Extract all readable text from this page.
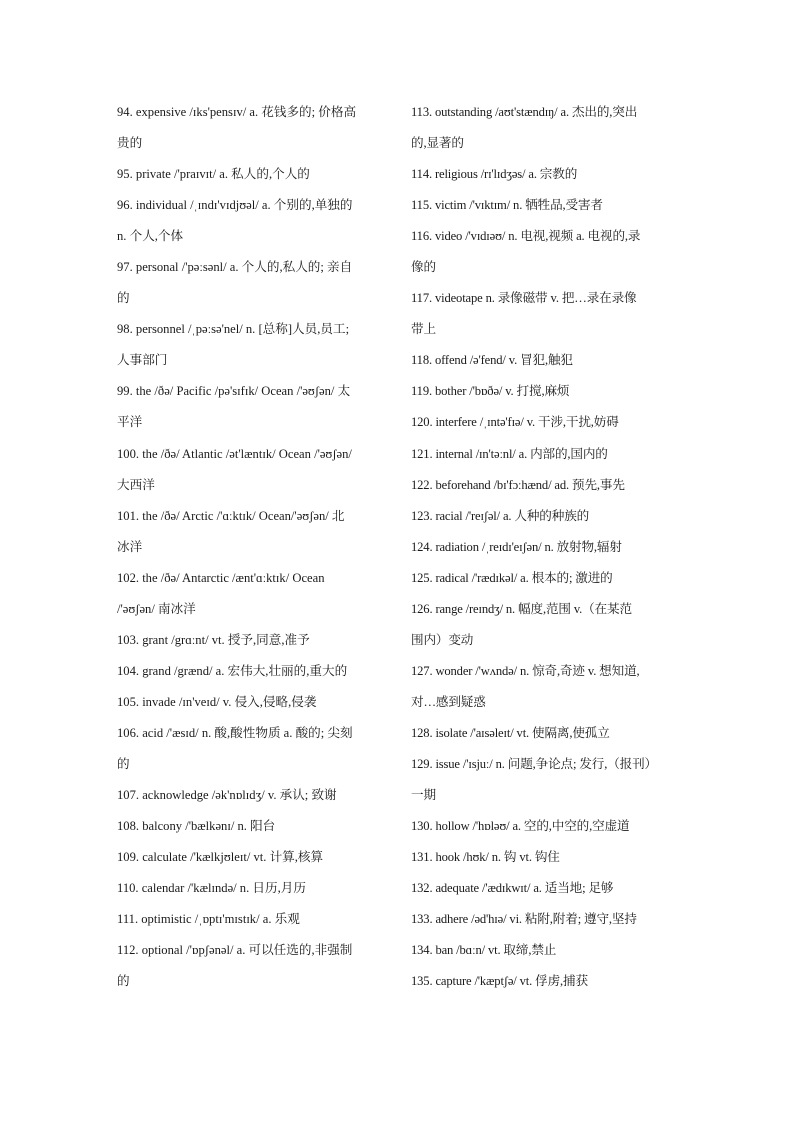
94. expensive /ɪks'pensɪv/ a. 花钱多的; 价格高
贵的
95. private /'praɪvɪt/ a. 私人的,个人的
96. individual /ˌɪndɪ'vɪdjʊəl/ a. 个别的,单独的
n. 个人,个体
97. personal /'pəːsənl/ a. 个人的,私人的; 亲自
的
98. personnel /ˌpəːsə'nel/ n. [总称]人员,员工;
人事部门
99. the /ðə/ Pacific /pə'sɪfɪk/ Ocean /'əʊʃən/ 太
平洋
100. the /ðə/ Atlantic /ət'læntɪk/ Ocean /'əʊʃən/
大西洋
101. the /ðə/ Arctic /'ɑːktɪk/ Ocean/'əʊʃən/ 北
冰洋
102. the /ðə/ Antarctic /ænt'ɑːktɪk/ Ocean
/'əʊʃən/ 南冰洋
103. grant /grɑːnt/ vt. 授予,同意,准予
104. grand /grænd/ a. 宏伟大,壮丽的,重大的
105. invade /ɪn'veɪd/ v. 侵入,侵略,侵袭
106. acid /'æsɪd/ n. 酸,酸性物质 a. 酸的; 尖刻
的
107. acknowledge /ək'nɒlɪdʒ/ v. 承认; 致谢
108. balcony /'bælkənɪ/ n. 阳台
109. calculate /'kælkjʊleɪt/ vt. 计算,核算
110. calendar /'kælɪndə/ n. 日历,月历
111. optimistic /ˌɒptɪ'mɪstɪk/ a. 乐观
112. optional /'ɒpʃənəl/ a. 可以任选的,非强制
的
113. outstanding /aʊt'stændɪŋ/ a. 杰出的,突出
的,显著的
114. religious /rɪ'lɪdʒəs/ a. 宗教的
115. victim /'vɪktɪm/ n. 牺牲品,受害者
116. video /'vɪdɪəʊ/ n. 电视,视频 a. 电视的,录
像的
117. videotape n. 录像磁带 v. 把…录在录像
带上
118. offend /ə'fend/ v. 冒犯,触犯
119. bother /'bɒðə/ v. 打搅,麻烦
120. interfere /ˌɪntə'fɪə/ v. 干涉,干扰,妨碍
121. internal /ɪn'təːnl/ a. 内部的,国内的
122. beforehand /bɪ'fɔːhænd/ ad. 预先,事先
123. racial /'reɪʃəl/ a. 人种的种族的
124. radiation /ˌreɪdɪ'eɪʃən/ n. 放射物,辐射
125. radical /'rædɪkəl/ a. 根本的; 激进的
126. range /reɪndʒ/ n. 幅度,范围 v.（在某范
围内）变动
127. wonder /'wʌndə/ n. 惊奇,奇迹 v. 想知道,
对…感到疑惑
128. isolate /'aɪsəleɪt/ vt. 使隔离,使孤立
129. issue /'ɪsjuː/ n. 问题,争论点; 发行,（报刊）
一期
130. hollow /'hɒləʊ/ a. 空的,中空的,空虚道
131. hook /hʊk/ n. 钩 vt. 钩住
132. adequate /'ædɪkwɪt/ a. 适当地; 足够
133. adhere /əd'hɪə/ vi. 粘附,附着; 遵守,坚持
134. ban /bɑːn/ vt. 取缔,禁止
135. capture /'kæptʃə/ vt. 俘虏,捕获
